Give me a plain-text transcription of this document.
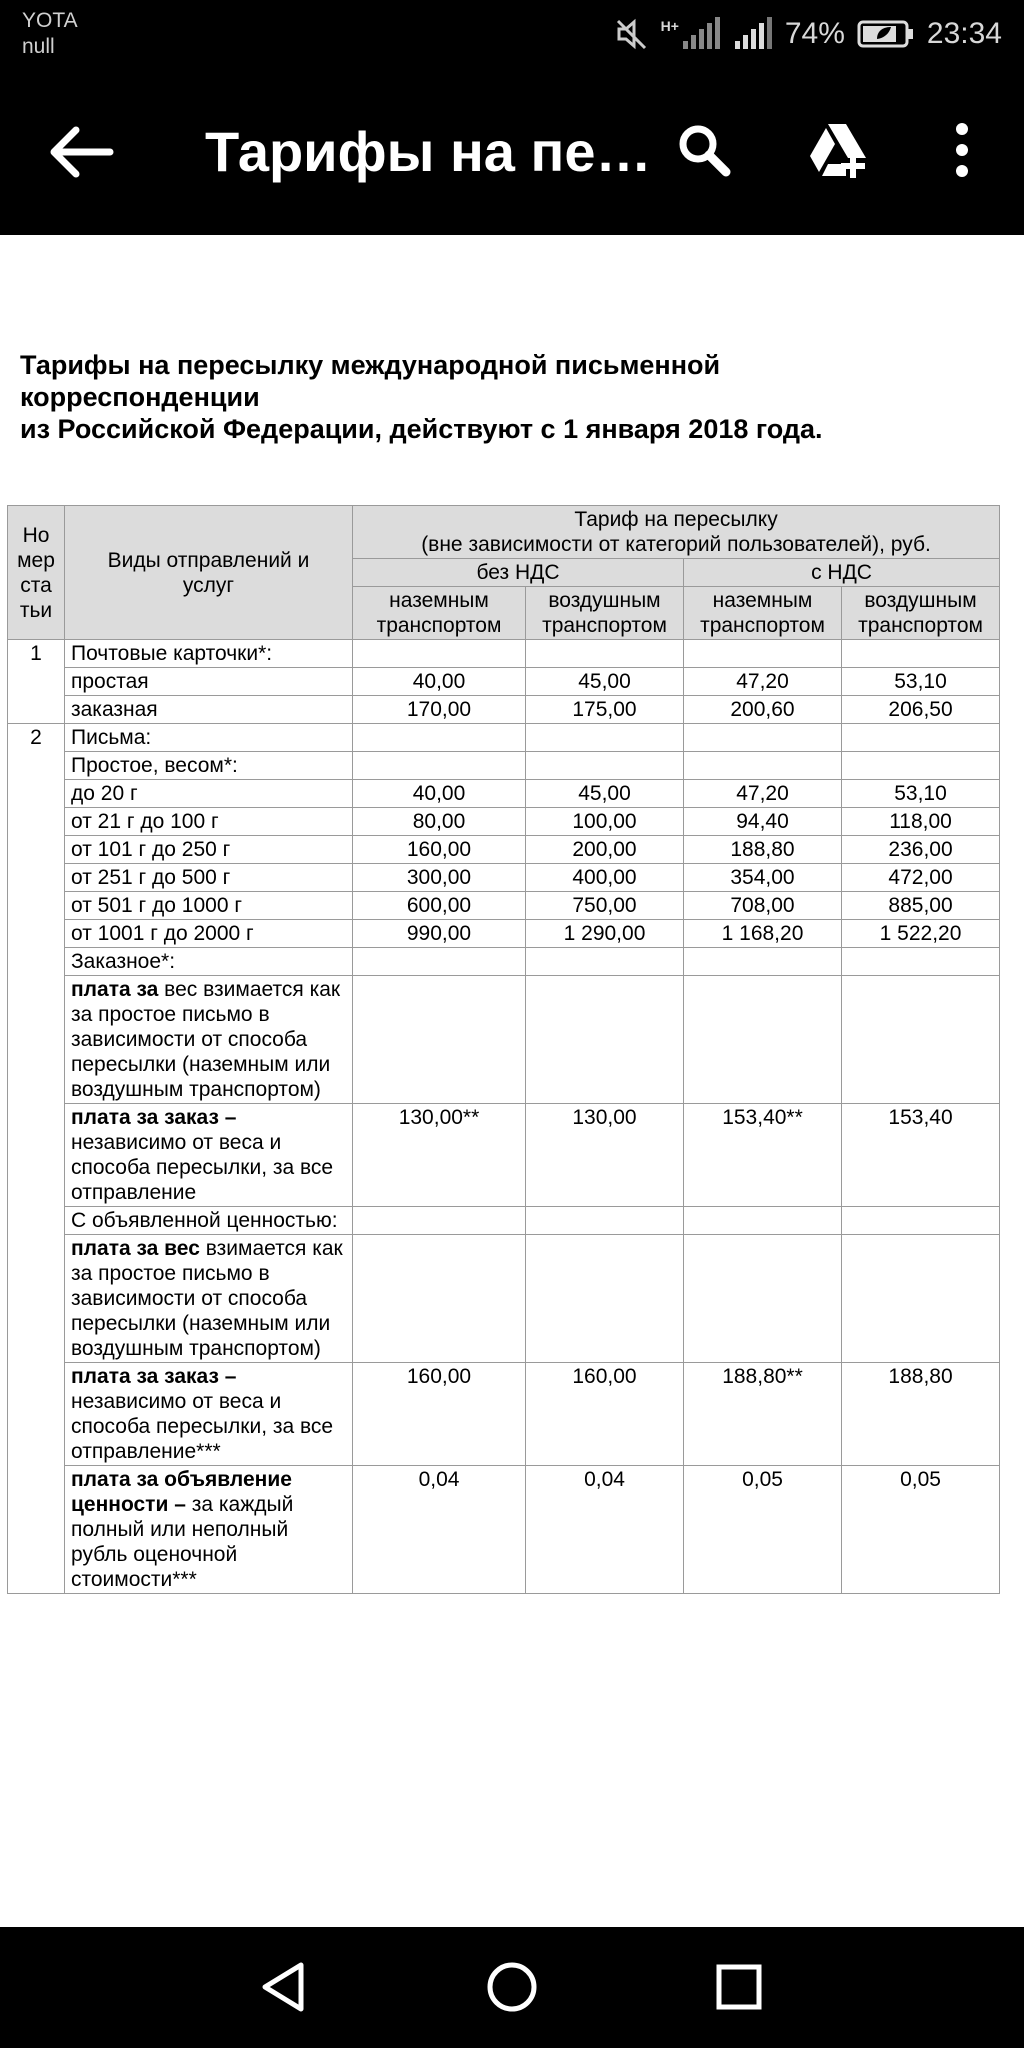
YOTA
null
H+	74%	23:34
Тарифы на пе…
Тарифы на пересылку международной письменной
корреспонденции
из Российской Федерации, действуют с 1 января 2018 года.
Номер статьи	Виды отправлений и услуг	Тариф на пересылку
(вне зависимости от категорий пользователей), руб.			

		без НДС		с НДС	
		наземным транспортом	воздушным транспортом	наземным транспортом	воздушным транспортом
1	Почтовые карточки*:				
	простая	40,00	45,00	47,20	53,10
	заказная	170,00	175,00	200,60	206,50
2	Письма:				
	Простое, весом*:				
	до 20 г	40,00	45,00	47,20	53,10
	от 21 г до 100 г	80,00	100,00	94,40	118,00
	от 101 г до 250 г	160,00	200,00	188,80	236,00
	от 251 г до 500 г	300,00	400,00	354,00	472,00
	от 501 г до 1000 г	600,00	750,00	708,00	885,00
	от 1001 г до 2000 г	990,00	1 290,00	1 168,20	1 522,20
	Заказное*:				
	плата за вес взимается как за простое письмо в зависимости от способа пересылки (наземным или воздушным транспортом)				
	плата за заказ – независимо от веса и способа пересылки, за все отправление	130,00**	130,00	153,40**	153,40
	С объявленной ценностью:				
	плата за вес взимается как за простое письмо в зависимости от способа пересылки (наземным или воздушным транспортом)				
	плата за заказ – независимо от веса и способа пересылки, за все отправление***	160,00	160,00	188,80**	188,80
	плата за объявление ценности – за каждый полный или неполный рубль оценочной стоимости***	0,04	0,04	0,05	0,05
